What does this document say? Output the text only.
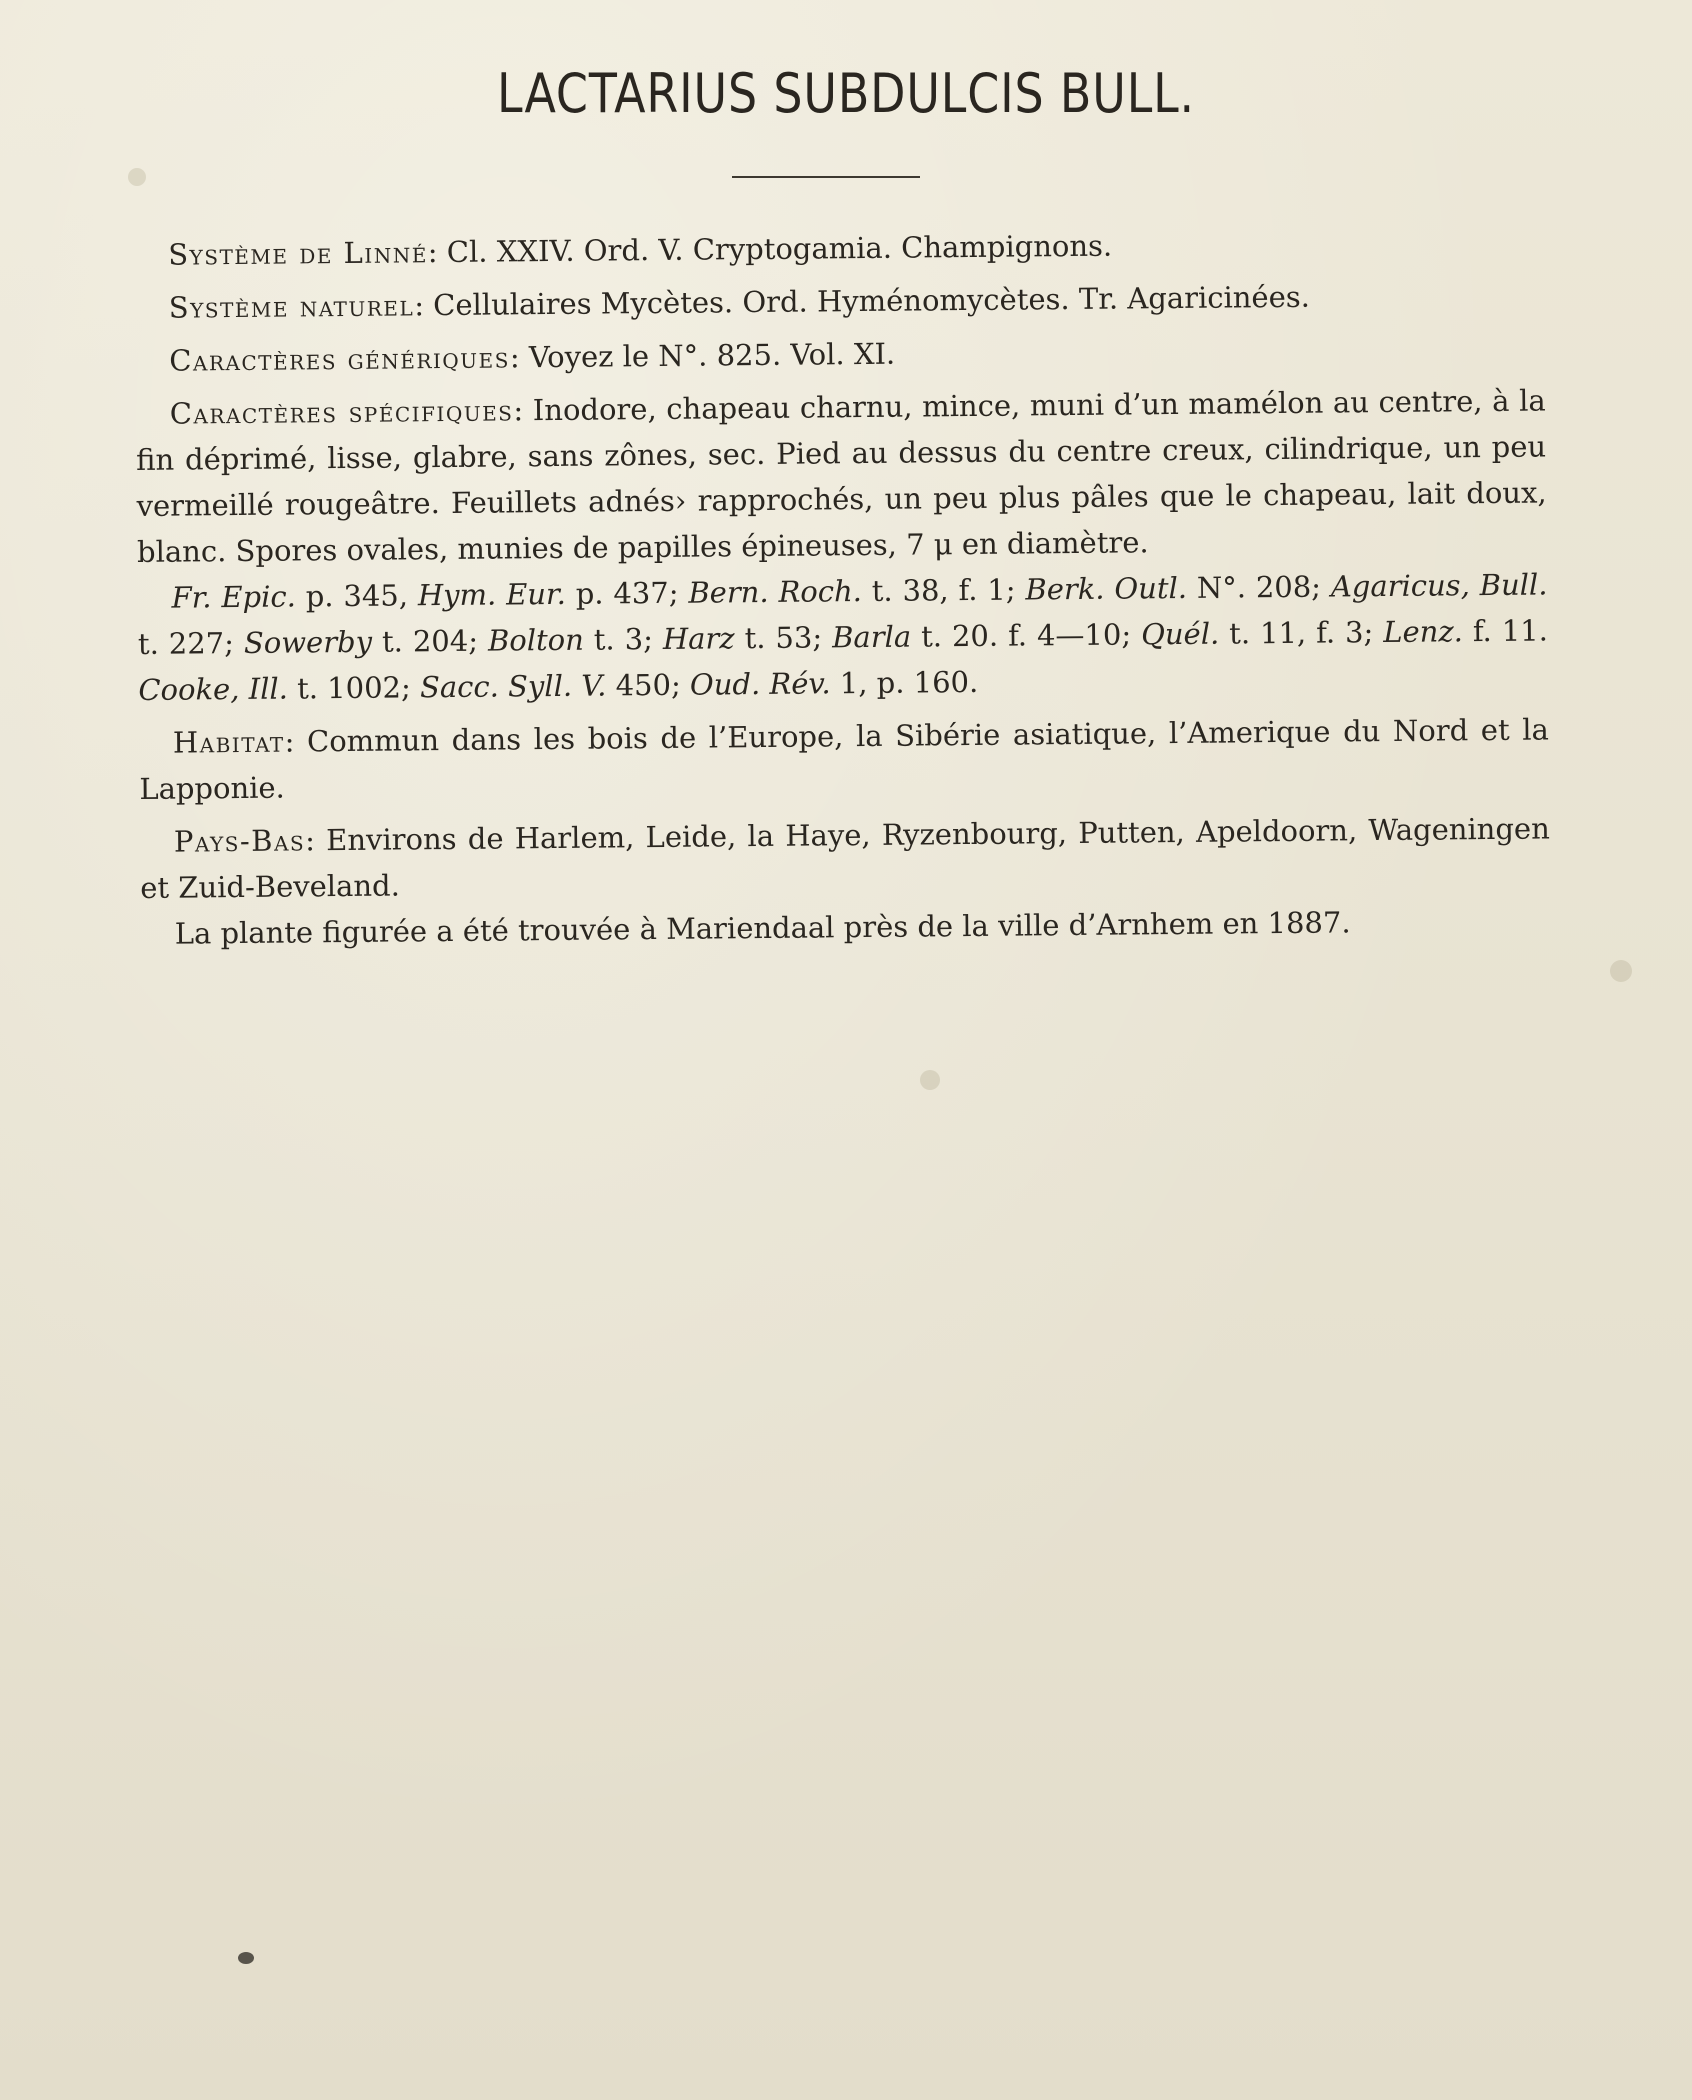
LACTARIUS SUBDULCIS BULL.

Système de Linné: Cl. XXIV. Ord. V. Cryptogamia. Champignons.

Système naturel: Cellulaires Mycètes. Ord. Hyménomycètes. Tr. Agaricinées.

Caractères génériques: Voyez le N°. 825. Vol. XI.

Caractères spécifiques: Inodore, chapeau charnu, mince, muni d’un mamélon au centre, à la fin déprimé, lisse, glabre, sans zônes, sec. Pied au dessus du centre creux, cilindrique, un peu vermeillé rougeâtre. Feuillets adnés› rapprochés, un peu plus pâles que le chapeau, lait doux, blanc. Spores ovales, munies de papilles épineuses, 7 μ en diamètre.

Fr. Epic. p. 345, Hym. Eur. p. 437; Bern. Roch. t. 38, f. 1; Berk. Outl. N°. 208; Agaricus, Bull. t. 227; Sowerby t. 204; Bolton t. 3; Harz t. 53; Barla t. 20. f. 4—10; Quél. t. 11, f. 3; Lenz. f. 11. Cooke, Ill. t. 1002; Sacc. Syll. V. 450; Oud. Rév. 1, p. 160.

Habitat: Commun dans les bois de l’Europe, la Sibérie asiatique, l’Amerique du Nord et la Lapponie.

Pays-Bas: Environs de Harlem, Leide, la Haye, Ryzenbourg, Putten, Apeldoorn, Wageningen et Zuid-Beveland.

La plante figurée a été trouvée à Mariendaal près de la ville d’Arnhem en 1887.
